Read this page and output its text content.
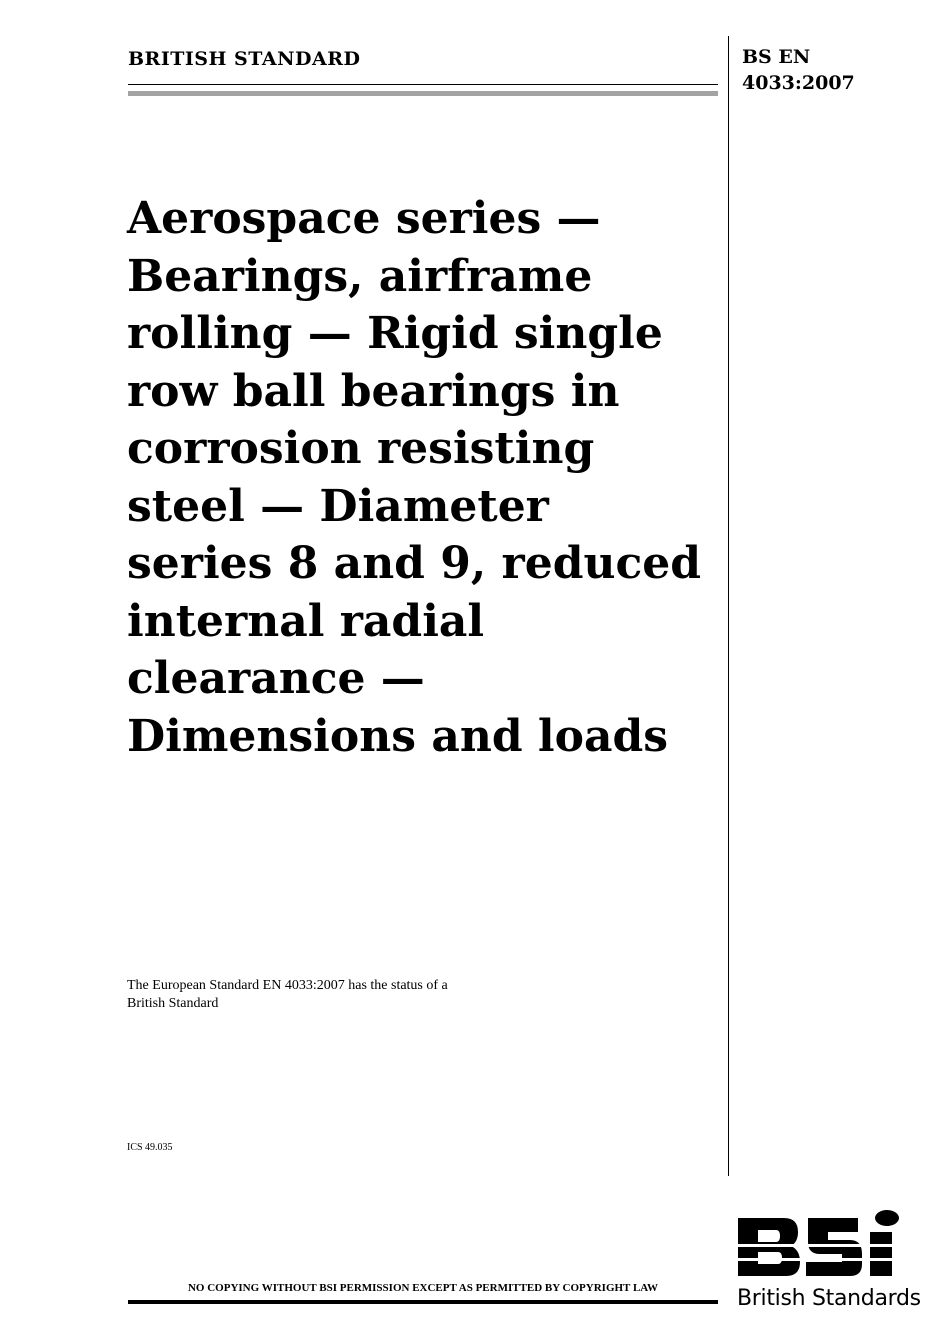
BRITISH STANDARD	BS EN
4033:2007
Aerospace series —
Bearings, airframe
rolling — Rigid single
row ball bearings in
corrosion resisting
steel — Diameter
series 8 and 9, reduced
internal radial
clearance —
Dimensions and loads
The European Standard EN 4033:2007 has the status of a
British Standard
ICS 49.035
NO COPYING WITHOUT BSI PERMISSION EXCEPT AS PERMITTED BY COPYRIGHT LAW	British Standards
